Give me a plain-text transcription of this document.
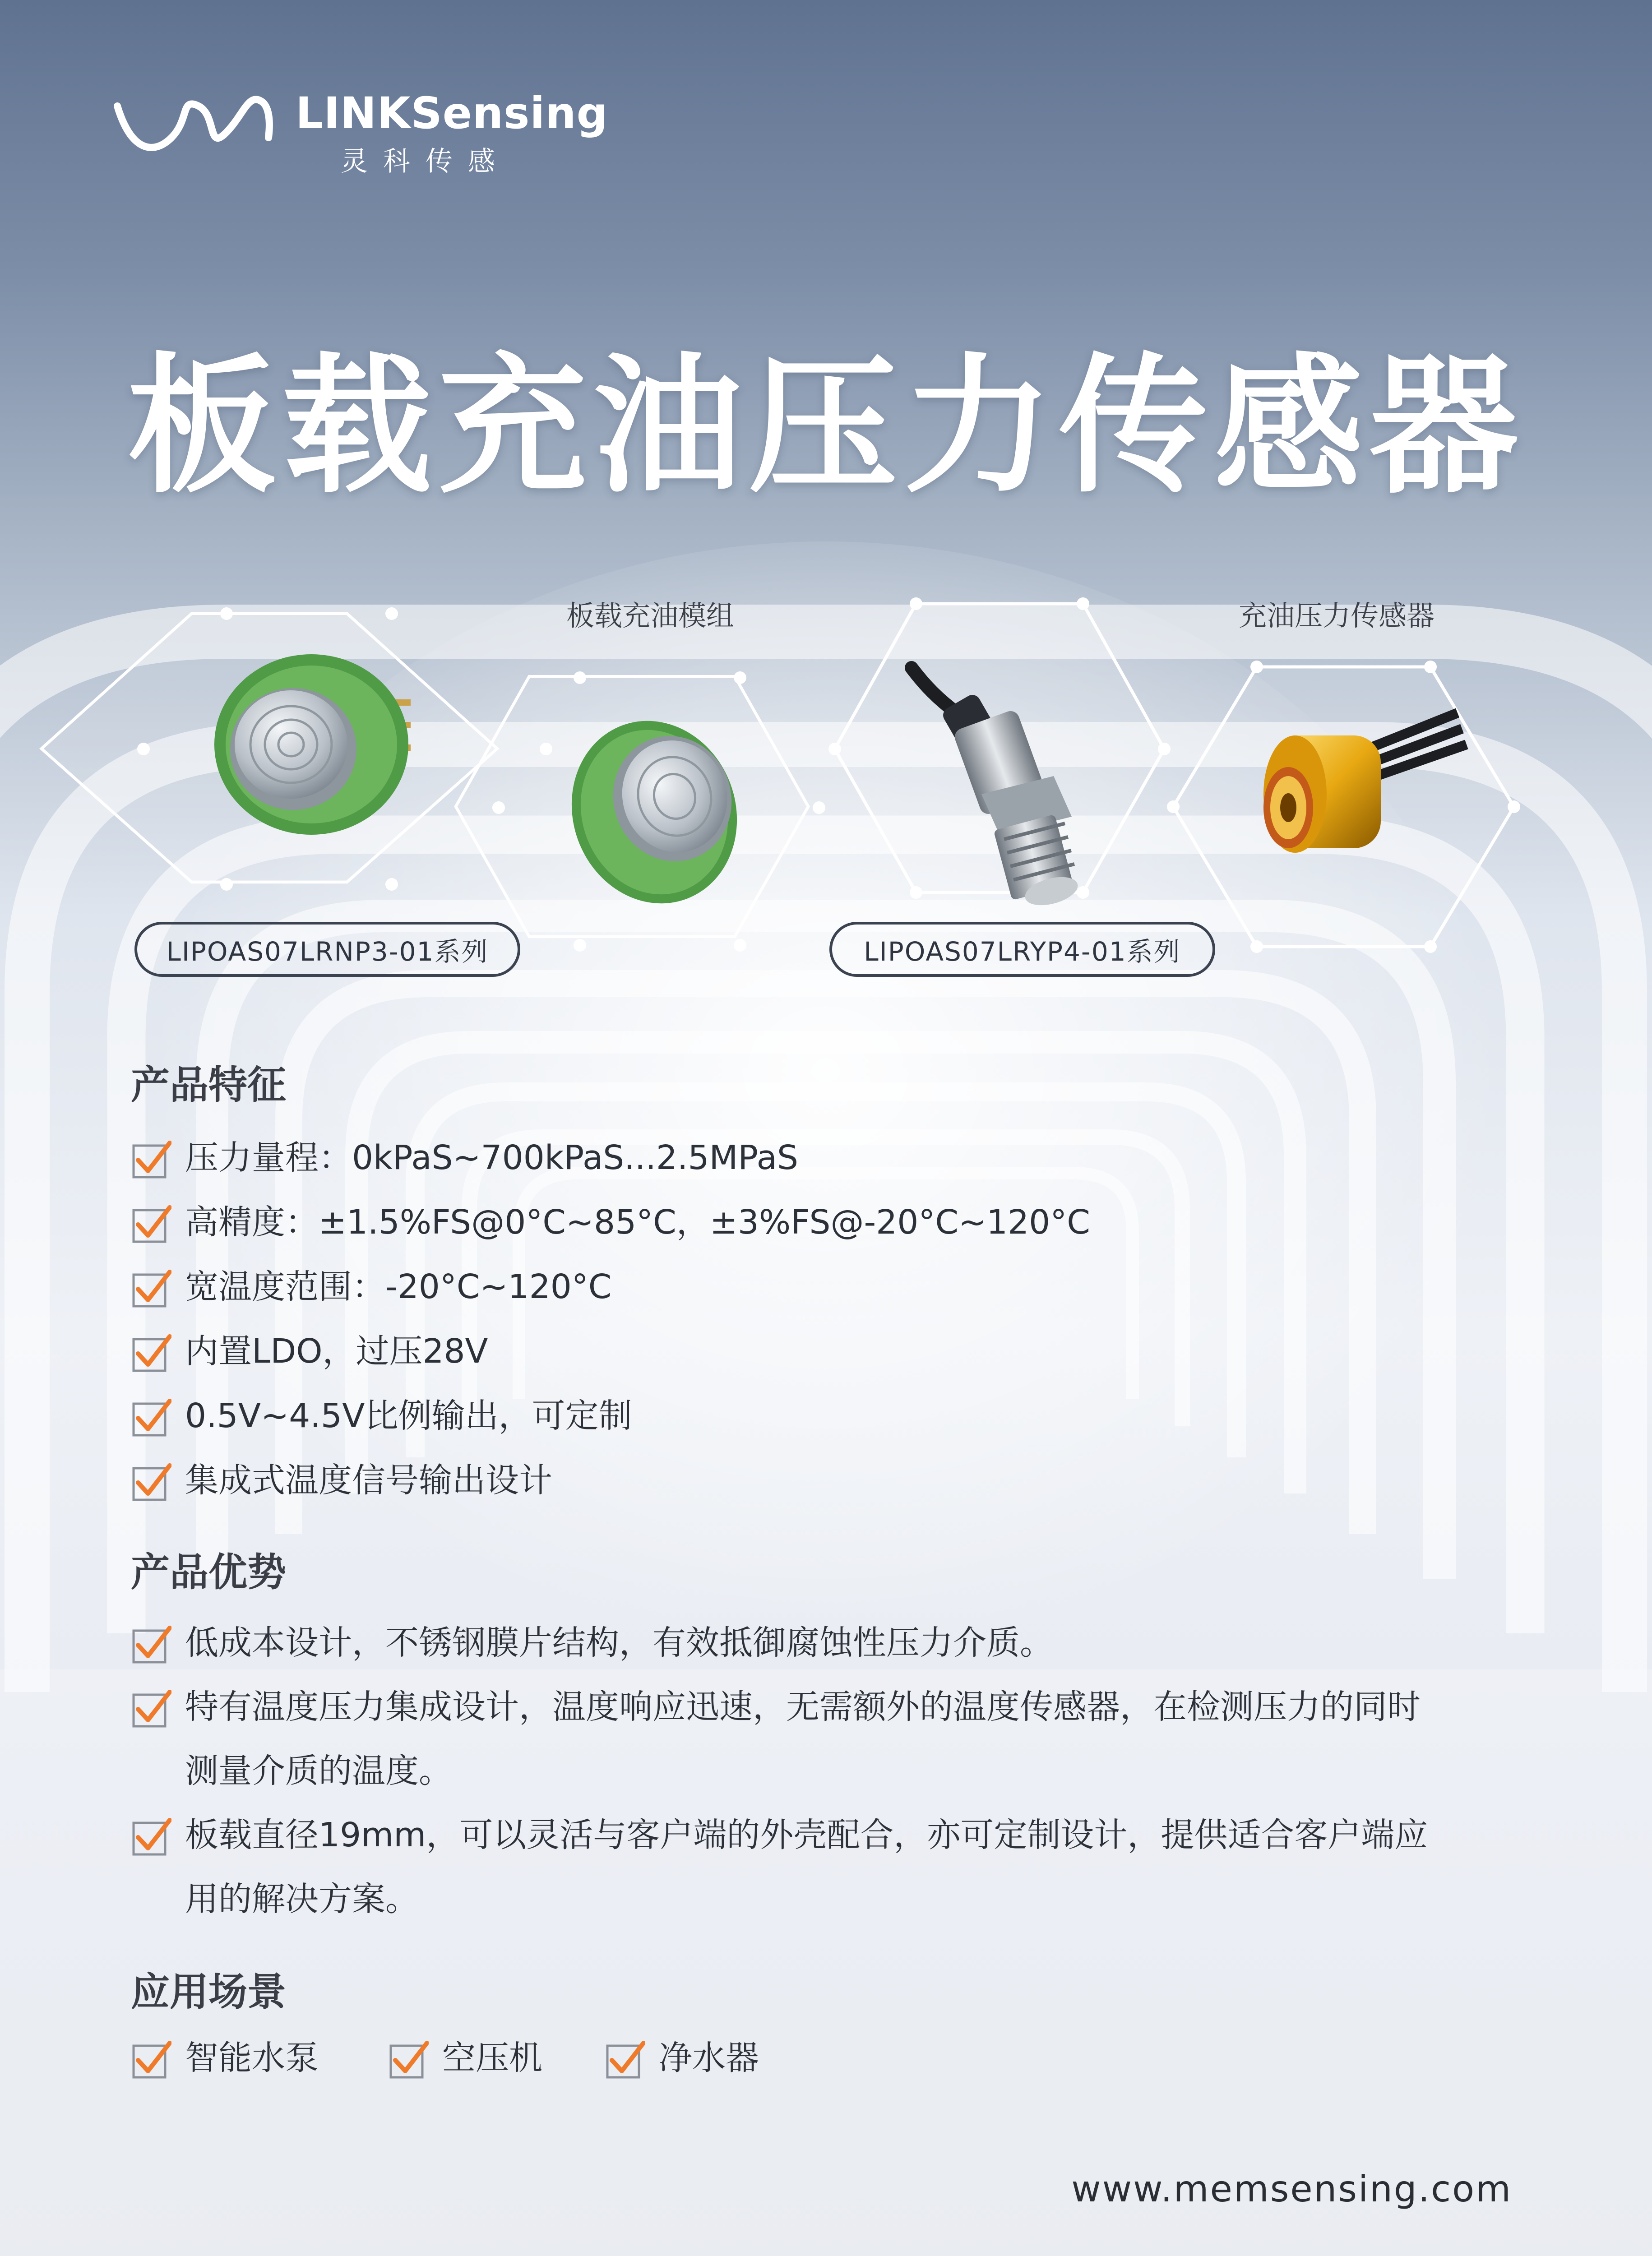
LINKSensing
灵科传感
板载充油压力传感器
板载充油模组	充油压力传感器
LIPOAS07LRNP3-01系列	LIPOAS07LRYP4-01系列
产品特征
压力量程：0kPaS~700kPaS...2.5MPaS
高精度：±1.5%FS@0°C~85°C，±3%FS@-20°C~120°C
宽温度范围：-20°C~120°C
内置LDO，过压28V
0.5V~4.5V比例输出，可定制
集成式温度信号输出设计
产品优势
低成本设计，不锈钢膜片结构，有效抵御腐蚀性压力介质。
特有温度压力集成设计，温度响应迅速，无需额外的温度传感器，在检测压力的同时测量介质的温度。
板载直径19mm，可以灵活与客户端的外壳配合，亦可定制设计，提供适合客户端应用的解决方案。
应用场景
智能水泵	空压机	净水器
www.memsensing.com
